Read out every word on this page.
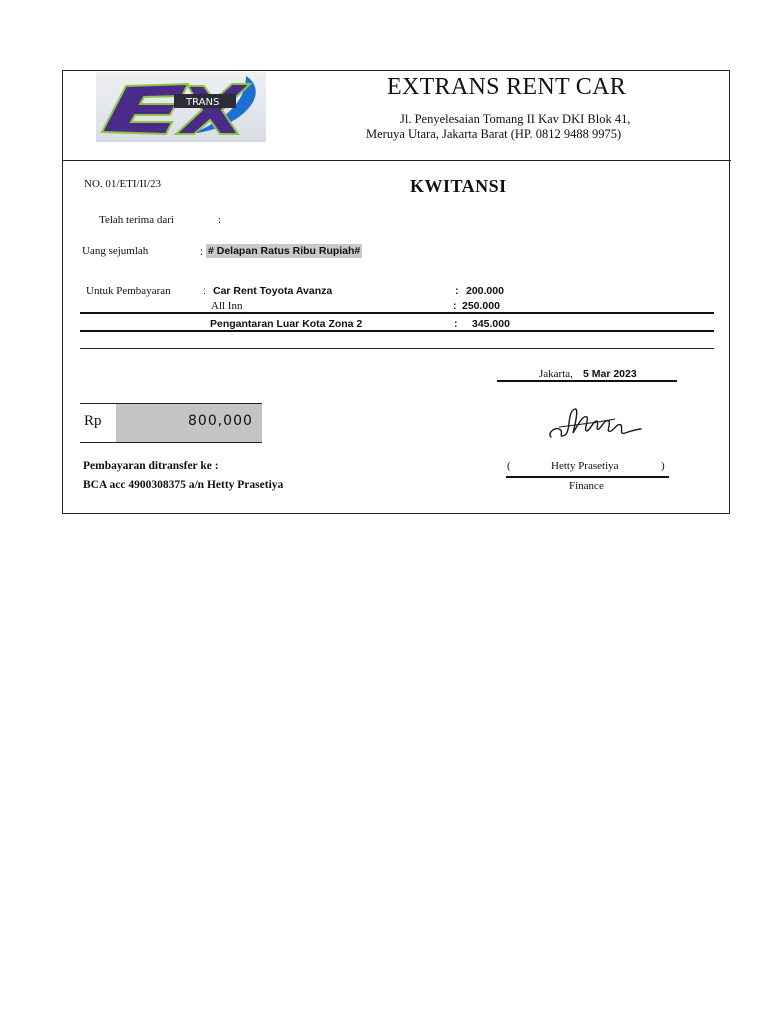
TRANS
EXTRANS RENT CAR
Jl. Penyelesaian Tomang II Kav DKI Blok 41,
Meruya Utara, Jakarta Barat (HP. 0812 9488 9975)
NO. 01/ETI/II/23	KWITANSI
Telah terima dari	:
Uang sejumlah	: # Delapan Ratus Ribu Rupiah#
Untuk Pembayaran	: Car Rent Toyota Avanza	: 200.000
All Inn	: 250.000
Pengantaran Luar Kota Zona 2	: 345.000
Jakarta, 5 Mar 2023
Rp	800,000
(	Hetty Prasetiya	)
Finance
Pembayaran ditransfer ke :
BCA acc 4900308375 a/n Hetty Prasetiya
